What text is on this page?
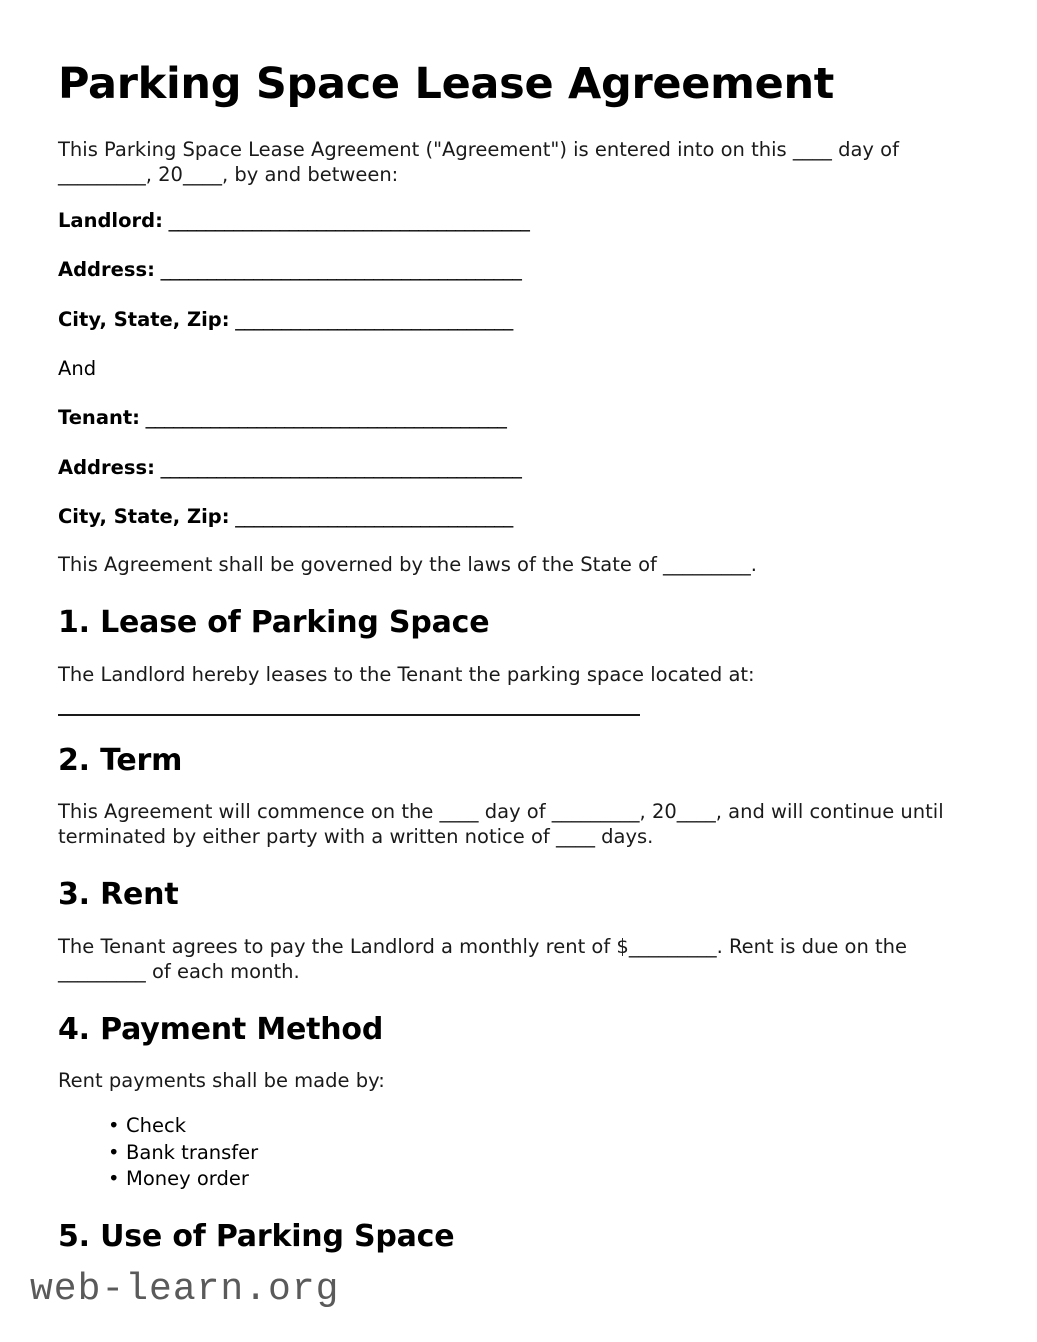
Parking Space Lease Agreement

This Parking Space Lease Agreement ("Agreement") is entered into on this ____ day of _________, 20____, by and between:

Landlord: _______________________________________
Address: _______________________________________
City, State, Zip: ______________________________
And
Tenant: _______________________________________
Address: _______________________________________
City, State, Zip: ______________________________

This Agreement shall be governed by the laws of the State of _________.

1. Lease of Parking Space

The Landlord hereby leases to the Tenant the parking space located at:

2. Term

This Agreement will commence on the ____ day of _________, 20____, and will continue until terminated by either party with a written notice of ____ days.

3. Rent

The Tenant agrees to pay the Landlord a monthly rent of $_________. Rent is due on the _________ of each month.

4. Payment Method

Rent payments shall be made by:

• Check
• Bank transfer
• Money order
5. Use of Parking Space
web-learn.org
